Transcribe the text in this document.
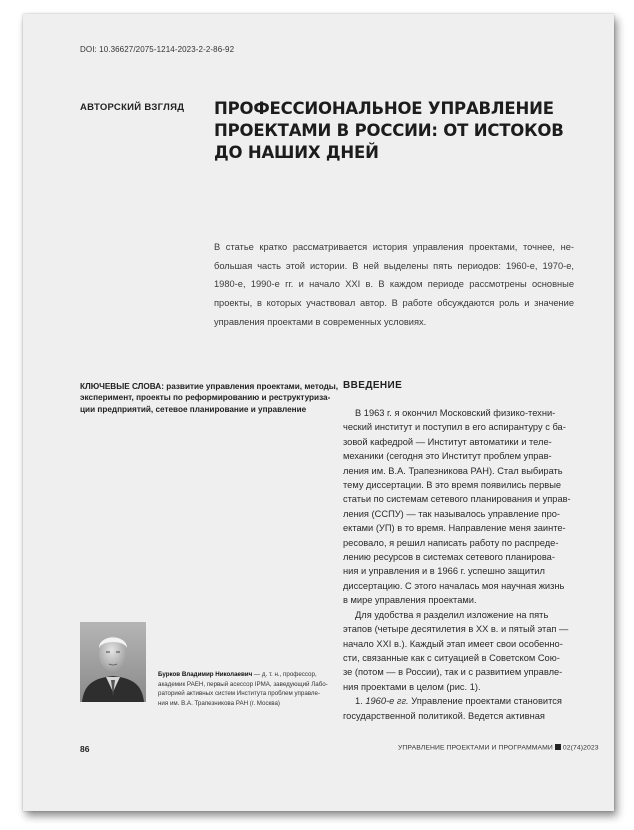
DOI: 10.36627/2075-1214-2023-2-2-86-92
АВТОРСКИЙ ВЗГЛЯД ПРОФЕССИОНАЛЬНОЕ УПРАВЛЕНИЕ
ПРОЕКТАМИ В РОССИИ: ОТ ИСТОКОВ
ДО НАШИХ ДНЕЙ
В статье кратко рассматривается история управления проектами, точнее, не-
большая часть этой истории. В ней выделены пять периодов: 1960-е, 1970-е,
1980-е, 1990-е гг. и начало XXI в. В каждом периоде рассмотрены основные
проекты, в которых участвовал автор. В работе обсуждаются роль и значение
управления проектами в современных условиях.
КЛЮЧЕВЫЕ СЛОВА: развитие управления проектами, методы,
эксперимент, проекты по реформированию и реструктуриза-
ции предприятий, сетевое планирование и управление
ВВЕДЕНИЕ
В 1963 г. я окончил Московский физико-техни-
ческий институт и поступил в его аспирантуру с ба-
зовой кафедрой — Институт автоматики и теле-
механики (сегодня это Институт проблем управ-
ления им. В.А. Трапезникова РАН). Стал выбирать
тему диссертации. В это время появились первые
статьи по системам сетевого планирования и управ-
ления (ССПУ) — так называлось управление про-
ектами (УП) в то время. Направление меня заинте-
ресовало, я решил написать работу по распреде-
лению ресурсов в системах сетевого планирова-
ния и управления и в 1966 г. успешно защитил
диссертацию. С этого началась моя научная жизнь
в мире управления проектами.
Для удобства я разделил изложение на пять
этапов (четыре десятилетия в XX в. и пятый этап —
начало XXI в.). Каждый этап имеет свои особенно-
сти, связанные как с ситуацией в Советском Сою-
зе (потом — в России), так и с развитием управле-
ния проектами в целом (рис. 1).
1. 1960-е гг. Управление проектами становится
государственной политикой. Ведется активная
Бурков Владимир Николаевич — д. т. н., профессор,
академик РАЕН, первый асессор IPMA, заведующий Лабо-
раторией активных систем Института проблем управле-
ния им. В.А. Трапезникова РАН (г. Москва)
86	УПРАВЛЕНИЕ ПРОЕКТАМИ И ПРОГРАММАМИ 02(74)2023
